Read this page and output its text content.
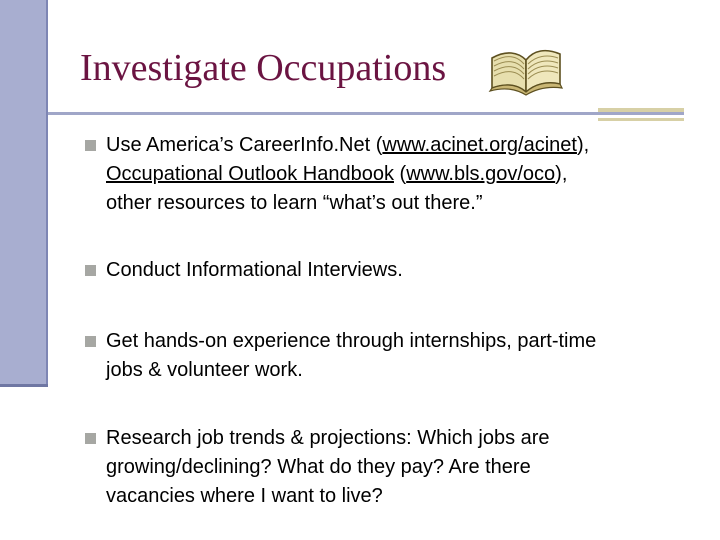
Investigate Occupations
Use America’s CareerInfo.Net (www.acinet.org/acinet),
Occupational Outlook Handbook (www.bls.gov/oco),
other resources to learn “what’s out there.”
Conduct Informational Interviews.
Get hands-on experience through internships, part-time
jobs & volunteer work.
Research job trends & projections: Which jobs are
growing/declining? What do they pay? Are there
vacancies where I want to live?
